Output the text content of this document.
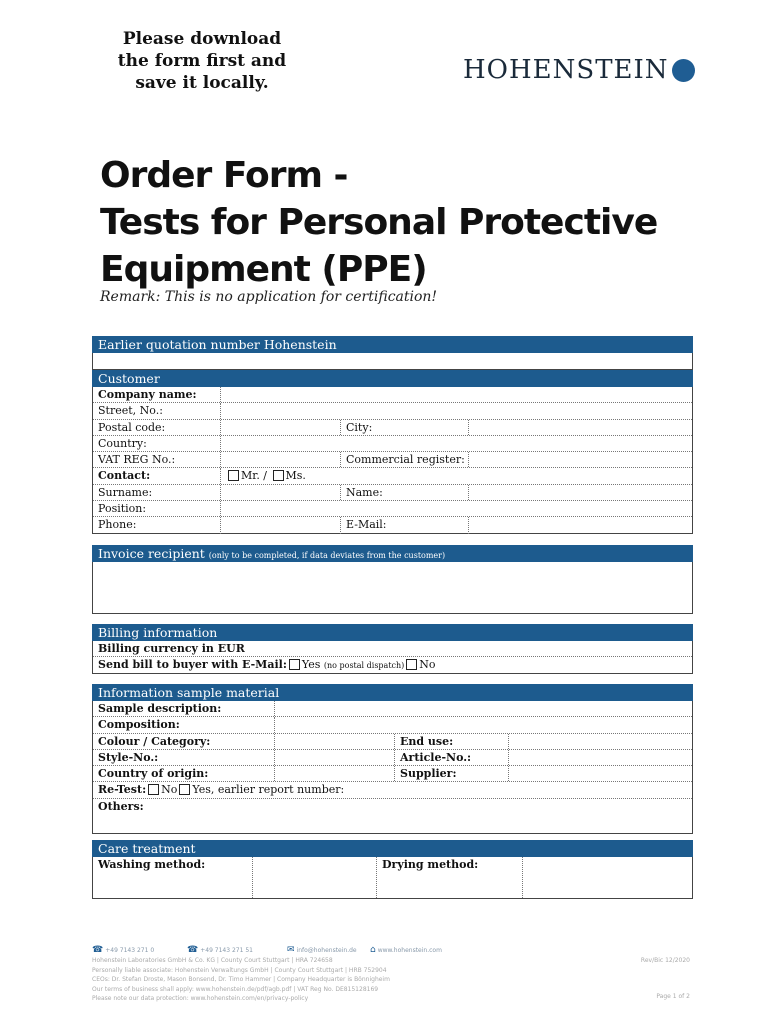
Please download
the form first and
save it locally.	HOHENSTEIN
Order Form -
Tests for Personal Protective
Equipment (PPE)
Remark: This is no application for certification!
Earlier quotation number Hohenstein
Customer
Company name:
Street, No.:
Postal code:	City:
Country:
VAT REG No.:	Commercial register:
Contact:	Mr. / Ms.
Surname:	Name:
Position:
Phone:	E-Mail:
Invoice recipient (only to be completed, if data deviates from the customer)
Billing information
Billing currency in EUR
Send bill to buyer with E-Mail: Yes (no postal dispatch) No
Information sample material
Sample description:
Composition:
Colour / Category:	End use:
Style-No.:	Article-No.:
Country of origin:	Supplier:
Re-Test: No Yes, earlier report number:
Others:
Care treatment
Washing method:	Drying method:
☎ +49 7143 271 0	☎ +49 7143 271 51	✉ info@hohenstein.de ⌂ www.hohenstein.com
Hohenstein Laboratories GmbH & Co. KG | County Court Stuttgart | HRA 724658
Personally liable associate: Hohenstein Verwaltungs GmbH | County Court Stuttgart | HRB 752904
CEOs: Dr. Stefan Droste, Mason Bonsend, Dr. Timo Hammer | Company Headquarter is Bönnigheim
Our terms of business shall apply: www.hohenstein.de/pdf/agb.pdf | VAT Reg No. DE815128169
Please note our data protection: www.hohenstein.com/en/privacy-policy
Rev/Bic 12/2020
Page 1 of 2
